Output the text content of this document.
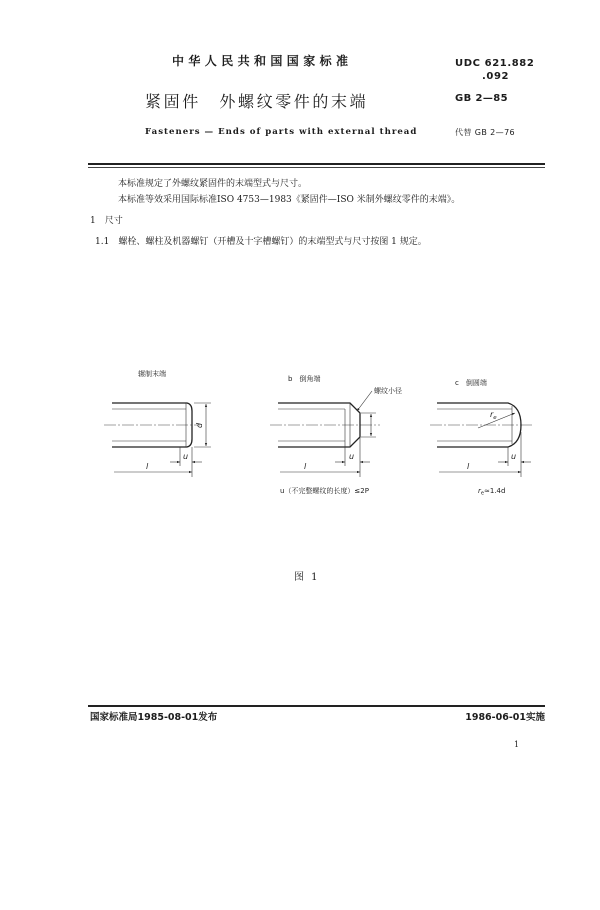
中华人民共和国国家标准	UDC 621.882
.092
紧固件　外螺纹零件的末端	GB 2—85
Fasteners — Ends of parts with external thread	代替 GB 2—76
本标准规定了外螺纹紧固件的末端型式与尺寸。
本标准等效采用国际标准ISO 4753—1983《紧固件—ISO 米制外螺纹零件的末端》。
1　尺寸
1.1　螺栓、螺柱及机器螺钉（开槽及十字槽螺钉）的末端型式与尺寸按图 1 规定。
辗制末端
d
u
l
b　倒角端
螺纹小径
u
l
u（不完整螺纹的长度）≤2P
c　倒圆端
$r_e$
u
l
$r_e\approx 1.4d$
图 1
国家标准局1985-08-01发布	1986-06-01实施
1
